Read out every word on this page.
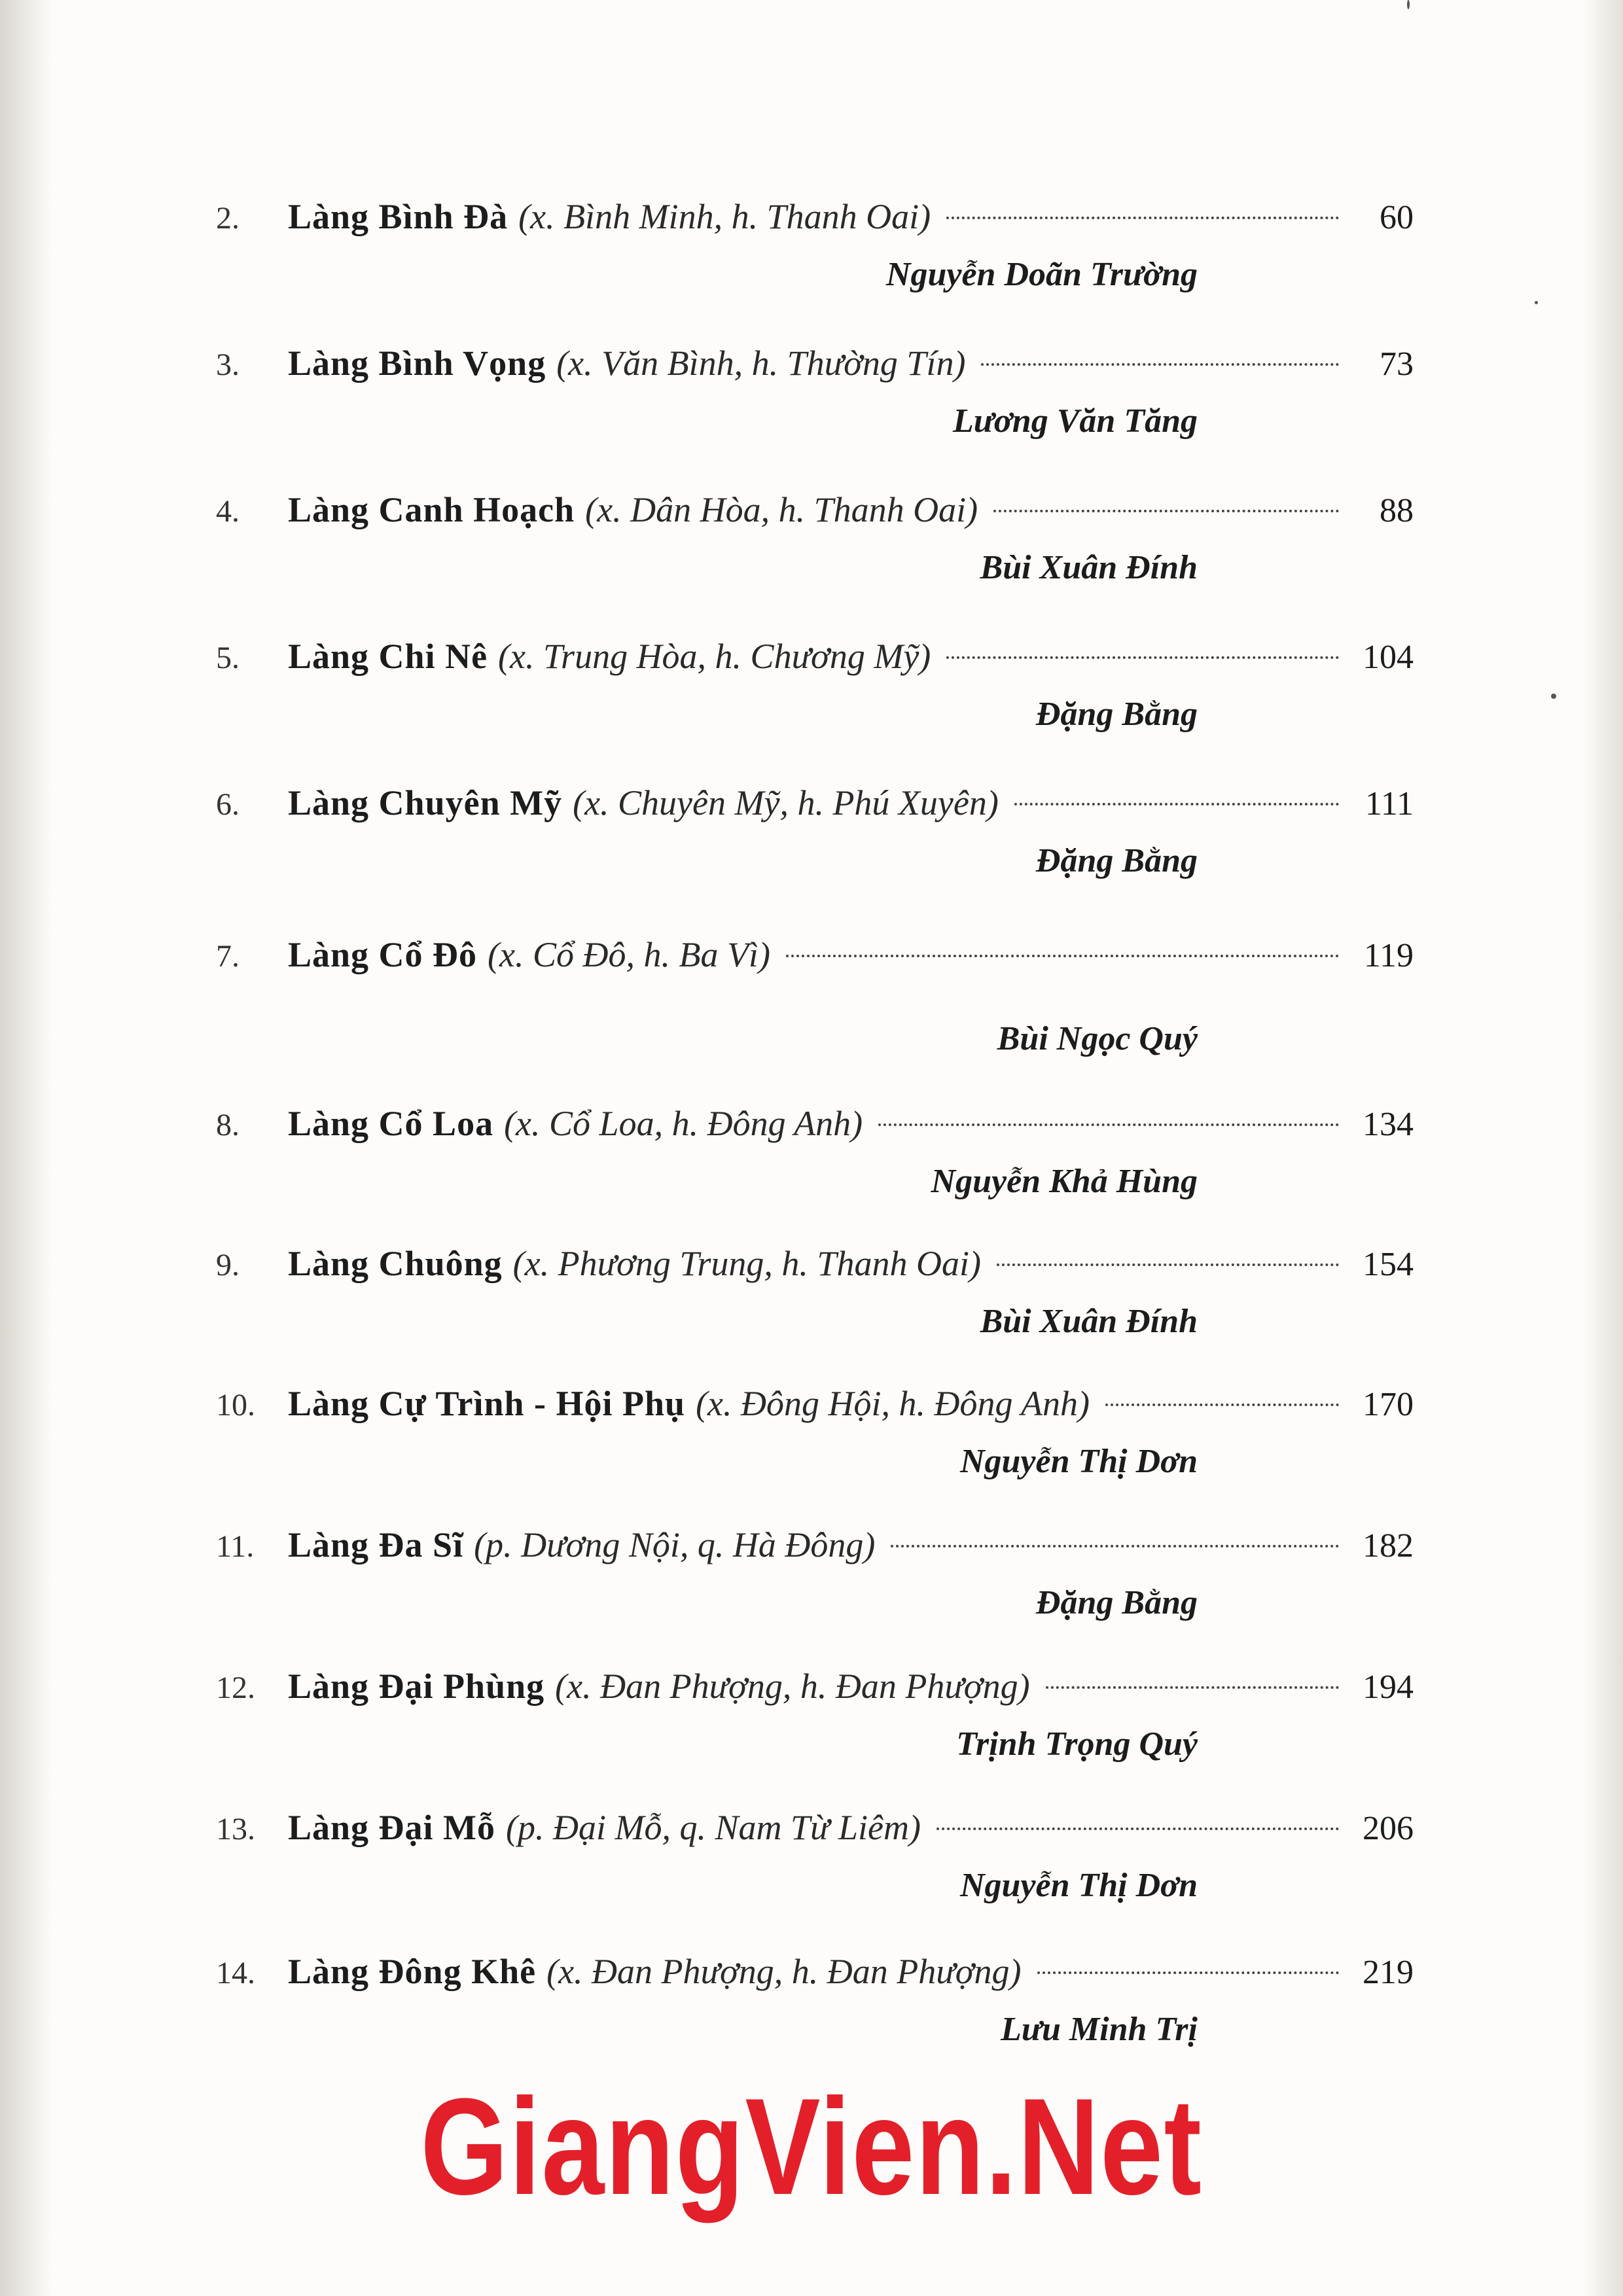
2.	Làng Bình Đà (x. Bình Minh, h. Thanh Oai)	60
Nguyễn Doãn Trường
3.	Làng Bình Vọng (x. Văn Bình, h. Thường Tín)	73
Lương Văn Tăng
4.	Làng Canh Hoạch (x. Dân Hòa, h. Thanh Oai)	88
Bùi Xuân Đính
5.	Làng Chi Nê (x. Trung Hòa, h. Chương Mỹ)	104
Đặng Bằng
6.	Làng Chuyên Mỹ (x. Chuyên Mỹ, h. Phú Xuyên)	111
Đặng Bằng
7.	Làng Cổ Đô (x. Cổ Đô, h. Ba Vì)	119
Bùi Ngọc Quý
8.	Làng Cổ Loa (x. Cổ Loa, h. Đông Anh)	134
Nguyễn Khả Hùng
9.	Làng Chuông (x. Phương Trung, h. Thanh Oai)	154
Bùi Xuân Đính
10. Làng Cự Trình - Hội Phụ (x. Đông Hội, h. Đông Anh)	170
Nguyễn Thị Dơn
11. Làng Đa Sĩ (p. Dương Nội, q. Hà Đông)	182
Đặng Bằng
12. Làng Đại Phùng (x. Đan Phượng, h. Đan Phượng)	194
Trịnh Trọng Quý
13. Làng Đại Mỗ (p. Đại Mỗ, q. Nam Từ Liêm)	206
Nguyễn Thị Dơn
14. Làng Đông Khê (x. Đan Phượng, h. Đan Phượng)	219
Lưu Minh Trị
GiangVien.Net
